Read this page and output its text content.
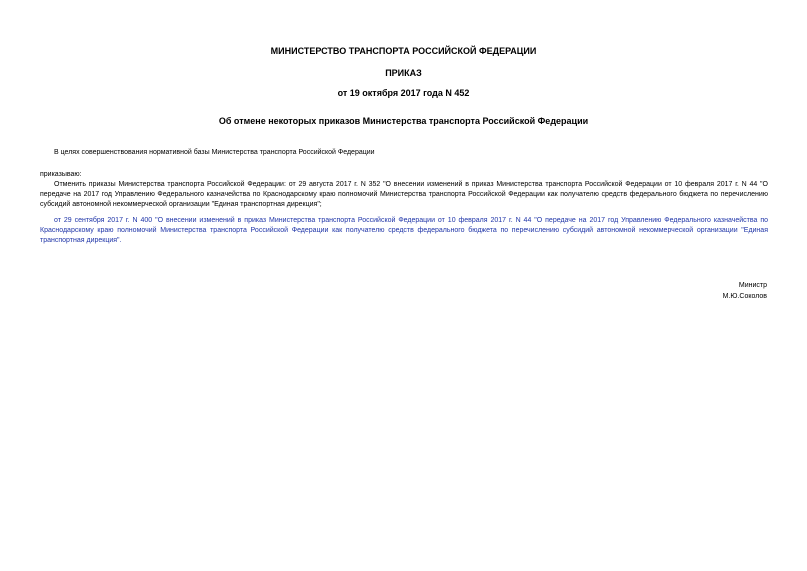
МИНИСТЕРСТВО ТРАНСПОРТА РОССИЙСКОЙ ФЕДЕРАЦИИ
ПРИКАЗ
от 19 октября 2017 года N 452
Об отмене некоторых приказов Министерства транспорта Российской Федерации
В целях совершенствования нормативной базы Министерства транспорта Российской Федерации
приказываю:
Отменить приказы Министерства транспорта Российской Федерации: от 29 августа 2017 г. N 352 "О внесении изменений в приказ Министерства транспорта Российской Федерации от 10 февраля 2017 г. N 44 "О передаче на 2017 год Управлению Федерального казначейства по Краснодарскому краю полномочий Министерства транспорта Российской Федерации как получателю средств федерального бюджета по перечислению субсидий автономной некоммерческой организации "Единая транспортная дирекция";
от 29 сентября 2017 г. N 400 "О внесении изменений в приказ Министерства транспорта Российской Федерации от 10 февраля 2017 г. N 44 "О передаче на 2017 год Управлению Федерального казначейства по Краснодарскому краю полномочий Министерства транспорта Российской Федерации как получателю средств федерального бюджета по перечислению субсидий автономной некоммерческой организации "Единая транспортная дирекция".
Министр
М.Ю.Соколов
